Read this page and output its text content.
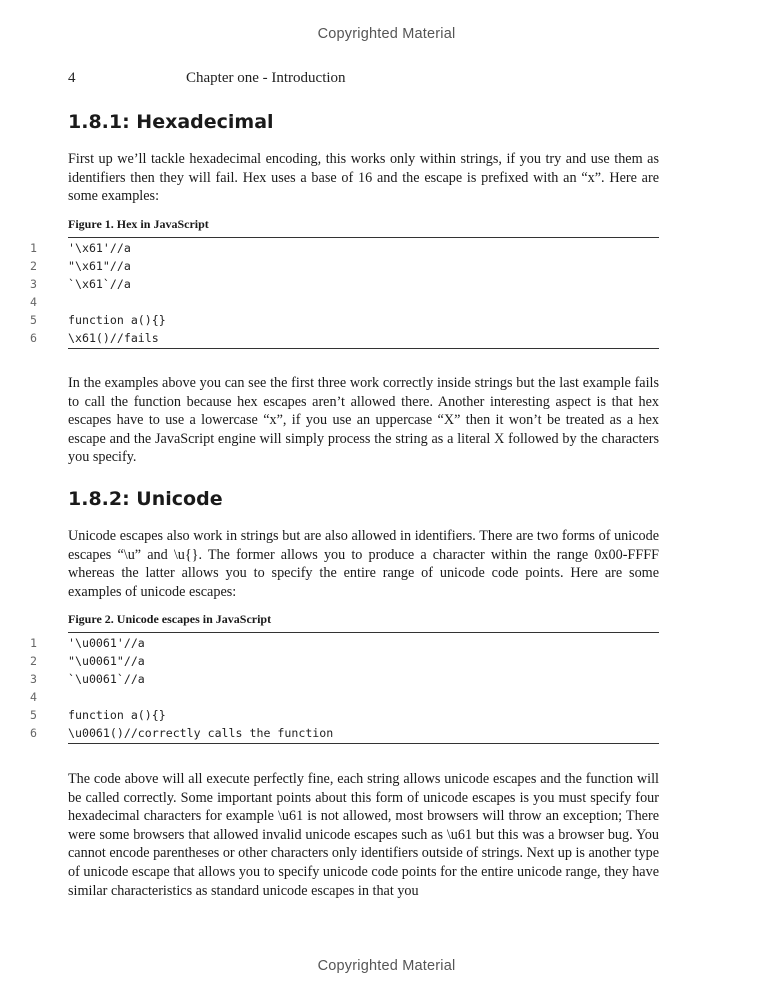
Copyrighted Material
4	Chapter one - Introduction
1.8.1: Hexadecimal

First up we’ll tackle hexadecimal encoding, this works only within strings, if you try and use them as identifiers then they will fail. Hex uses a base of 16 and the escape is prefixed with an “x”. Here are some examples:

Figure 1. Hex in JavaScript
1	'\x61'//a
2	"\x61"//a
3	`\x61`//a
4
5	function a(){}
6	\x61()//fails

In the examples above you can see the first three work correctly inside strings but the last example fails to call the function because hex escapes aren’t allowed there. Another interesting aspect is that hex escapes have to use a lowercase “x”, if you use an uppercase “X” then it won’t be treated as a hex escape and the JavaScript engine will simply process the string as a literal X followed by the characters you specify.

1.8.2: Unicode

Unicode escapes also work in strings but are also allowed in identifiers. There are two forms of unicode escapes “\u” and \u{}. The former allows you to produce a character within the range 0x00-FFFF whereas the latter allows you to specify the entire range of unicode code points. Here are some examples of unicode escapes:

Figure 2. Unicode escapes in JavaScript
1	'\u0061'//a
2	"\u0061"//a
3	`\u0061`//a
4
5	function a(){}
6	\u0061()//correctly calls the function

The code above will all execute perfectly fine, each string allows unicode escapes and the function will be called correctly. Some important points about this form of unicode escapes is you must specify four hexadecimal characters for example \u61 is not allowed, most browsers will throw an exception; There were some browsers that allowed invalid unicode escapes such as \u61 but this was a browser bug. You cannot encode parentheses or other characters only identifiers outside of strings. Next up is another type of unicode escape that allows you to specify unicode code points for the entire unicode range, they have similar characteristics as standard unicode escapes in that you

Copyrighted Material
